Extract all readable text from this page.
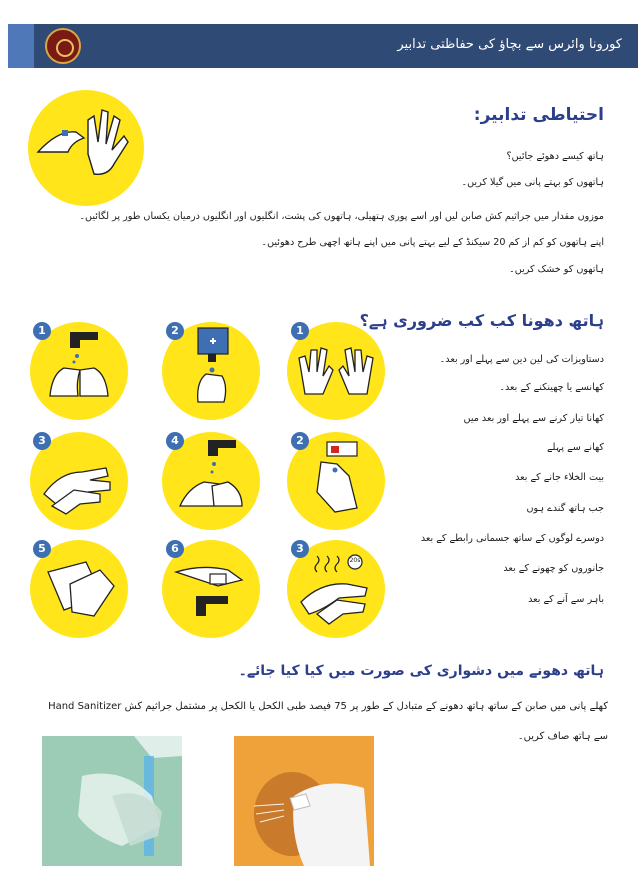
کورونا وائرس سے بچاؤ کی حفاظتی تدابیر
احتیاطی تدابیر:
ہاتھ کیسے دھوئے جائیں؟
ہاتھوں کو بہتے پانی میں گیلا کریں۔
موزوں مقدار میں جراثیم کش صابن لیں اور اسے پوری ہتھیلی، ہاتھوں کی پشت، انگلیوں اور انگلیوں درمیان یکساں طور پر لگائیں۔
اپنے ہاتھوں کو کم از کم 20 سیکنڈ کے لیے بہتے پانی میں اپنے ہاتھ اچھی طرح دھوئیں۔
ہاتھوں کو خشک کریں۔
ہاتھ دھونا کب کب ضروری ہے؟
دستاویزات کی لین دین سے پہلے اور بعد۔
کھانسے یا چھینکنے کے بعد۔
کھانا تیار کرنے سے پہلے اور بعد میں
کھانے سے پہلے
بیت الخلاء جانے کے بعد
جب ہاتھ گندے ہوں
دوسرے لوگوں کے ساتھ جسمانی رابطے کے بعد
جانوروں کو چھونے کے بعد
باہر سے آنے کے بعد
1	2	1
3	4	2
5	6
20s
3
ہاتھ دھونے میں دشواری کی صورت میں کیا کیا جائے۔
کھلے پانی میں صابن کے ساتھ ہاتھ دھونے کے متبادل کے طور پر 75 فیصد طبی الکحل یا الکحل پر مشتمل جراثیم کش Hand Sanitizer سے ہاتھ صاف کریں۔
